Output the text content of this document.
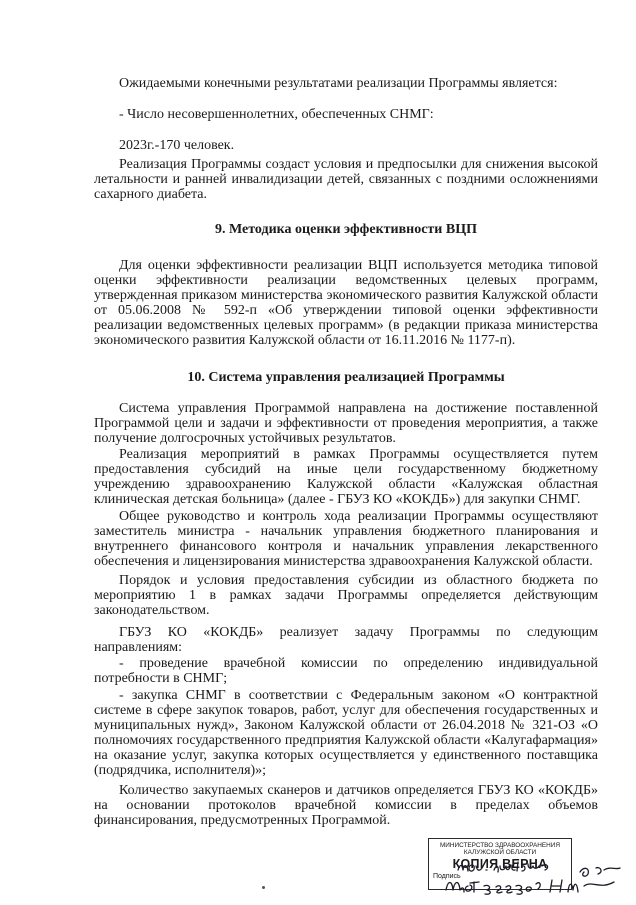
Ожидаемыми конечными результатами реализации Программы является:

- Число несовершеннолетних, обеспеченных СНМГ:

2023г.-170 человек.

Реализация Программы создаст условия и предпосылки для снижения высокой летальности и ранней инвалидизации детей, связанных с поздними осложнениями сахарного диабета.

9. Методика оценки эффективности ВЦП

Для оценки эффективности реализации ВЦП используется методика типовой оценки эффективности реализации ведомственных целевых программ, утвержденная приказом министерства экономического развития Калужской области от 05.06.2008 № 592-п «Об утверждении типовой оценки эффективности реализации ведомственных целевых программ» (в редакции приказа министерства экономического развития Калужской области от 16.11.2016 № 1177-п).

10. Система управления реализацией Программы

Система управления Программой направлена на достижение поставленной Программой цели и задачи и эффективности от проведения мероприятия, а также получение долгосрочных устойчивых результатов.

Реализация мероприятий в рамках Программы осуществляется путем предоставления субсидий на иные цели государственному бюджетному учреждению здравоохранению Калужской области «Калужская областная клиническая детская больница» (далее - ГБУЗ КО «КОКДБ») для закупки СНМГ.

Общее руководство и контроль хода реализации Программы осуществляют заместитель министра - начальник управления бюджетного планирования и внутреннего финансового контроля и начальник управления лекарственного обеспечения и лицензирования министерства здравоохранения Калужской области.

Порядок и условия предоставления субсидии из областного бюджета по мероприятию 1 в рамках задачи Программы определяется действующим законодательством.

ГБУЗ КО «КОКДБ» реализует задачу Программы по следующим направлениям:

- проведение врачебной комиссии по определению индивидуальной потребности в СНМГ;

- закупка СНМГ в соответствии с Федеральным законом «О контрактной системе в сфере закупок товаров, работ, услуг для обеспечения государственных и муниципальных нужд», Законом Калужской области от 26.04.2018 № 321-ОЗ «О полномочиях государственного предприятия Калужской области «Калугафармация» на оказание услуг, закупка которых осуществляется у единственного поставщика (подрядчика, исполнителя)»;

Количество закупаемых сканеров и датчиков определяется ГБУЗ КО «КОКДБ» на основании протоколов врачебной комиссии в пределах объемов финансирования, предусмотренных Программой.

МИНИСТЕРСТВО ЗДРАВООХРАНЕНИЯ
КАЛУЖСКОЙ ОБЛАСТИ
КОПИЯ ВЕРНА
Подпись
